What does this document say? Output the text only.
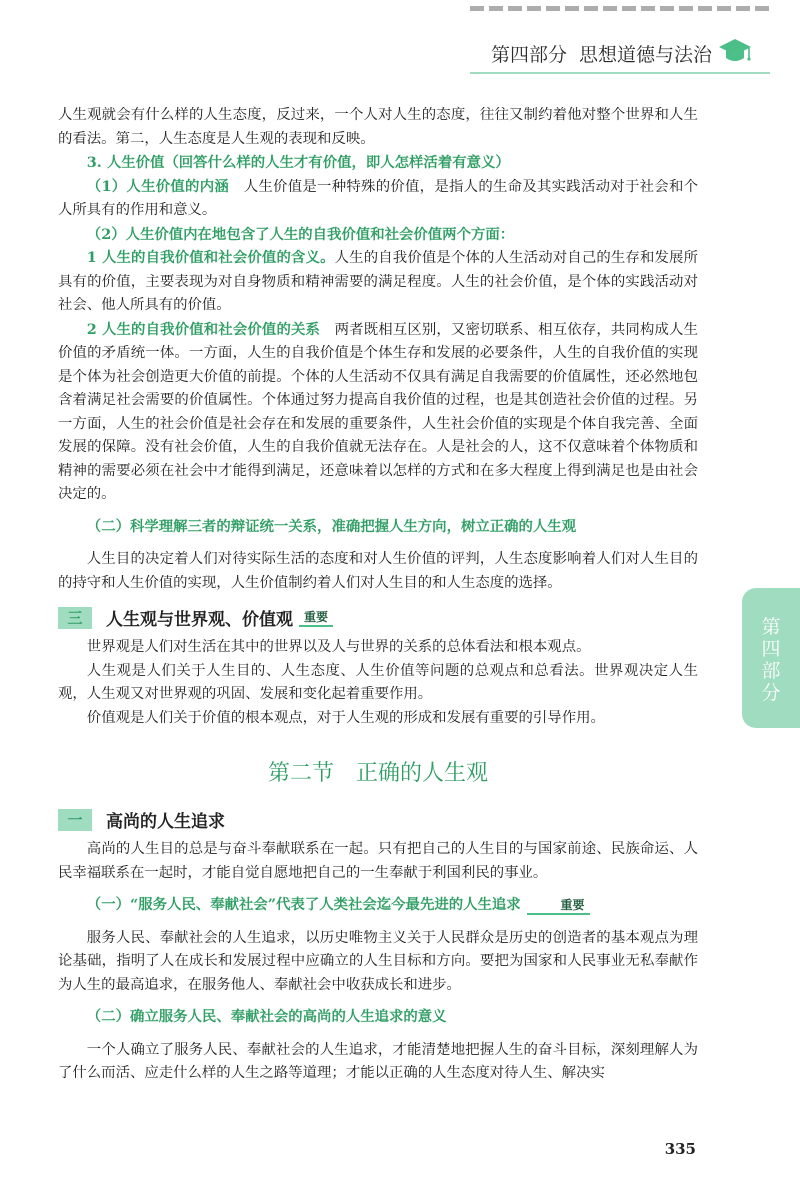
第四部分 思想道德与法治
第四部分

人生观就会有什么样的人生态度，反过来，一个人对人生的态度，往往又制约着他对整个世界和人生的看法。第二，人生态度是人生观的表现和反映。

3. 人生价值（回答什么样的人生才有价值，即人怎样活着有意义）

（1）人生价值的内涵　人生价值是一种特殊的价值，是指人的生命及其实践活动对于社会和个人所具有的作用和意义。

（2）人生价值内在地包含了人生的自我价值和社会价值两个方面：

1 人生的自我价值和社会价值的含义。人生的自我价值是个体的人生活动对自己的生存和发展所具有的价值，主要表现为对自身物质和精神需要的满足程度。人生的社会价值，是个体的实践活动对社会、他人所具有的价值。

2 人生的自我价值和社会价值的关系　两者既相互区别，又密切联系、相互依存，共同构成人生价值的矛盾统一体。一方面，人生的自我价值是个体生存和发展的必要条件，人生的自我价值的实现是个体为社会创造更大价值的前提。个体的人生活动不仅具有满足自我需要的价值属性，还必然地包含着满足社会需要的价值属性。个体通过努力提高自我价值的过程，也是其创造社会价值的过程。另一方面，人生的社会价值是社会存在和发展的重要条件，人生社会价值的实现是个体自我完善、全面发展的保障。没有社会价值，人生的自我价值就无法存在。人是社会的人，这不仅意味着个体物质和精神的需要必须在社会中才能得到满足，还意味着以怎样的方式和在多大程度上得到满足也是由社会决定的。

（二）科学理解三者的辩证统一关系，准确把握人生方向，树立正确的人生观

人生目的决定着人们对待实际生活的态度和对人生价值的评判，人生态度影响着人们对人生目的的持守和人生价值的实现，人生价值制约着人们对人生目的和人生态度的选择。

三	人生观与世界观、价值观 重要

世界观是人们对生活在其中的世界以及人与世界的关系的总体看法和根本观点。

人生观是人们关于人生目的、人生态度、人生价值等问题的总观点和总看法。世界观决定人生观，人生观又对世界观的巩固、发展和变化起着重要作用。

价值观是人们关于价值的根本观点，对于人生观的形成和发展有重要的引导作用。

第二节 正确的人生观
一	高尚的人生追求

高尚的人生目的总是与奋斗奉献联系在一起。只有把自己的人生目的与国家前途、民族命运、人民幸福联系在一起时，才能自觉自愿地把自己的一生奉献于利国利民的事业。

（一）“服务人民、奉献社会”代表了人类社会迄今最先进的人生追求	重要

服务人民、奉献社会的人生追求，以历史唯物主义关于人民群众是历史的创造者的基本观点为理论基础，指明了人在成长和发展过程中应确立的人生目标和方向。要把为国家和人民事业无私奉献作为人生的最高追求，在服务他人、奉献社会中收获成长和进步。

（二）确立服务人民、奉献社会的高尚的人生追求的意义

一个人确立了服务人民、奉献社会的人生追求，才能清楚地把握人生的奋斗目标，深刻理解人为了什么而活、应走什么样的人生之路等道理；才能以正确的人生态度对待人生、解决实

335
